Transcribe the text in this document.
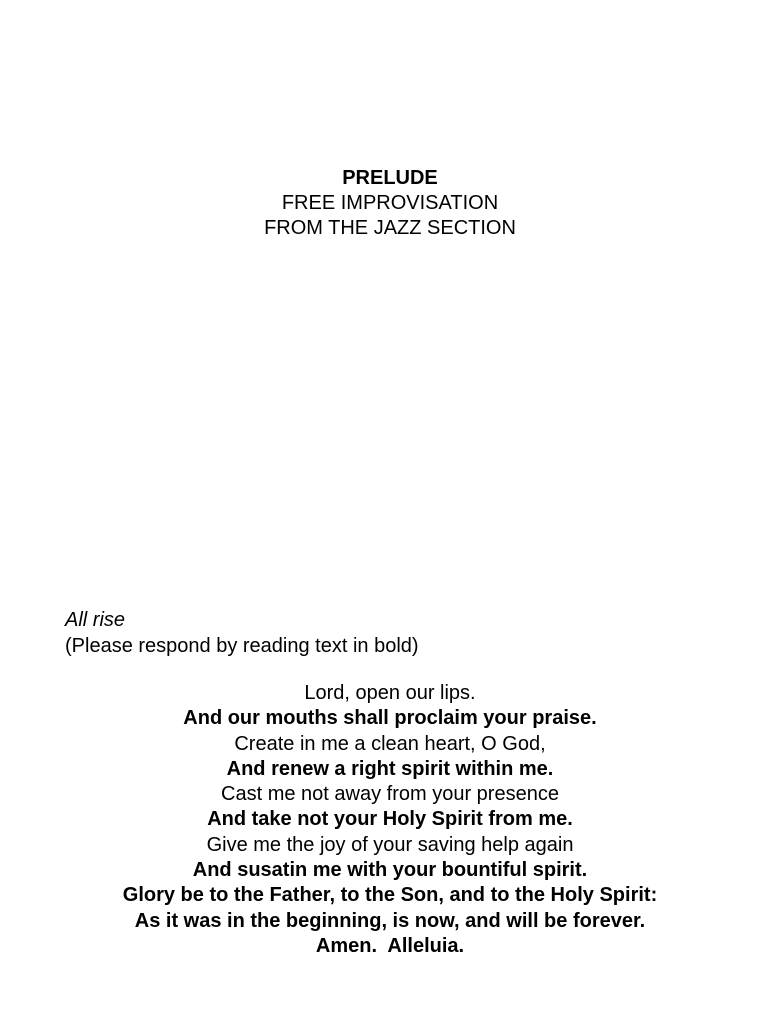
PRELUDE
FREE IMPROVISATION
FROM THE JAZZ SECTION
All rise
(Please respond by reading text in bold)
Lord, open our lips.
And our mouths shall proclaim your praise.
Create in me a clean heart, O God,
And renew a right spirit within me.
Cast me not away from your presence
And take not your Holy Spirit from me.
Give me the joy of your saving help again
And susatin me with your bountiful spirit.
Glory be to the Father, to the Son, and to the Holy Spirit:
As it was in the beginning, is now, and will be forever.
Amen.  Alleluia.
